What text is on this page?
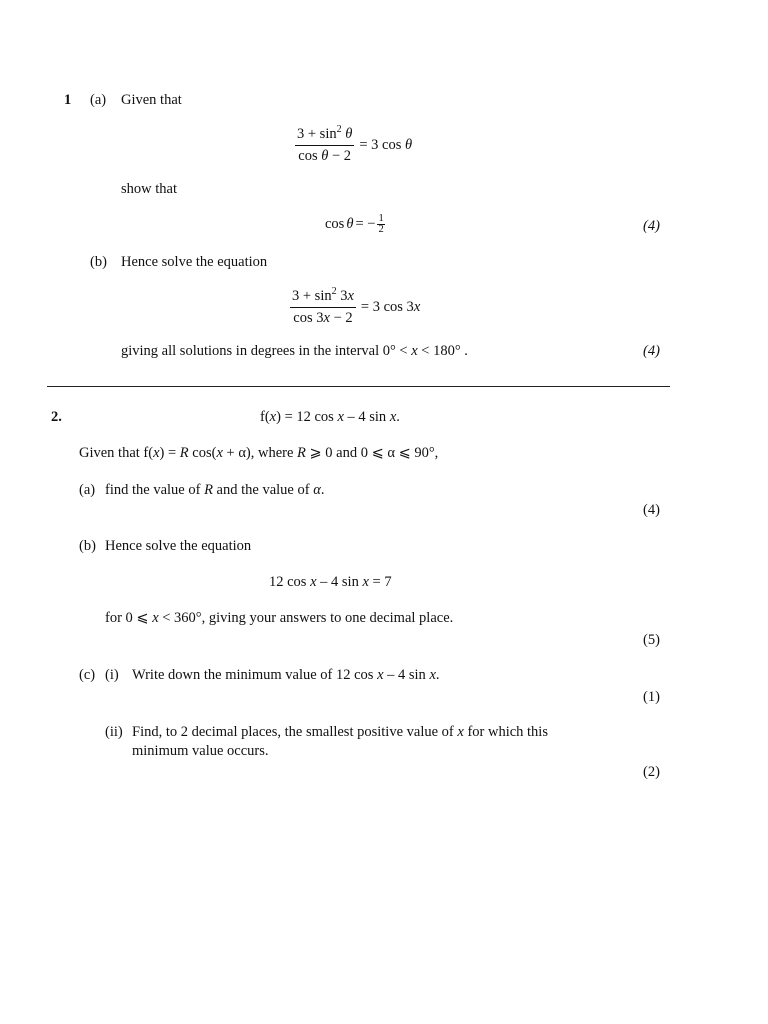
1 (a) Given that
$\frac{3 + \sin^2 \theta}{\text{cos θ − 2}} = 3$ cos θ
show that
cos θ = − $\frac{1}{2}$	(4)
(b) Hence solve the equation
$\frac{3 + \sin^2 3x}{\cos 3x - 2} = 3$ cos 3x
giving all solutions in degrees in the interval 0° < x < 180° .	(4)
2.	f(x) = 12 cos x – 4 sin x.
Given that f(x) = R cos(x + α), where R ⩾ 0 and 0 ⩽ α ⩽ 90°,
(a) find the value of R and the value of α.
(4)
(b) Hence solve the equation
12 cos x – 4 sin x = 7
for 0 ⩽ x < 360°, giving your answers to one decimal place.
(5)
(c) (i) Write down the minimum value of 12 cos x – 4 sin x.
(1)
(ii) Find, to 2 decimal places, the smallest positive value of x for which this
minimum value occurs.
(2)
